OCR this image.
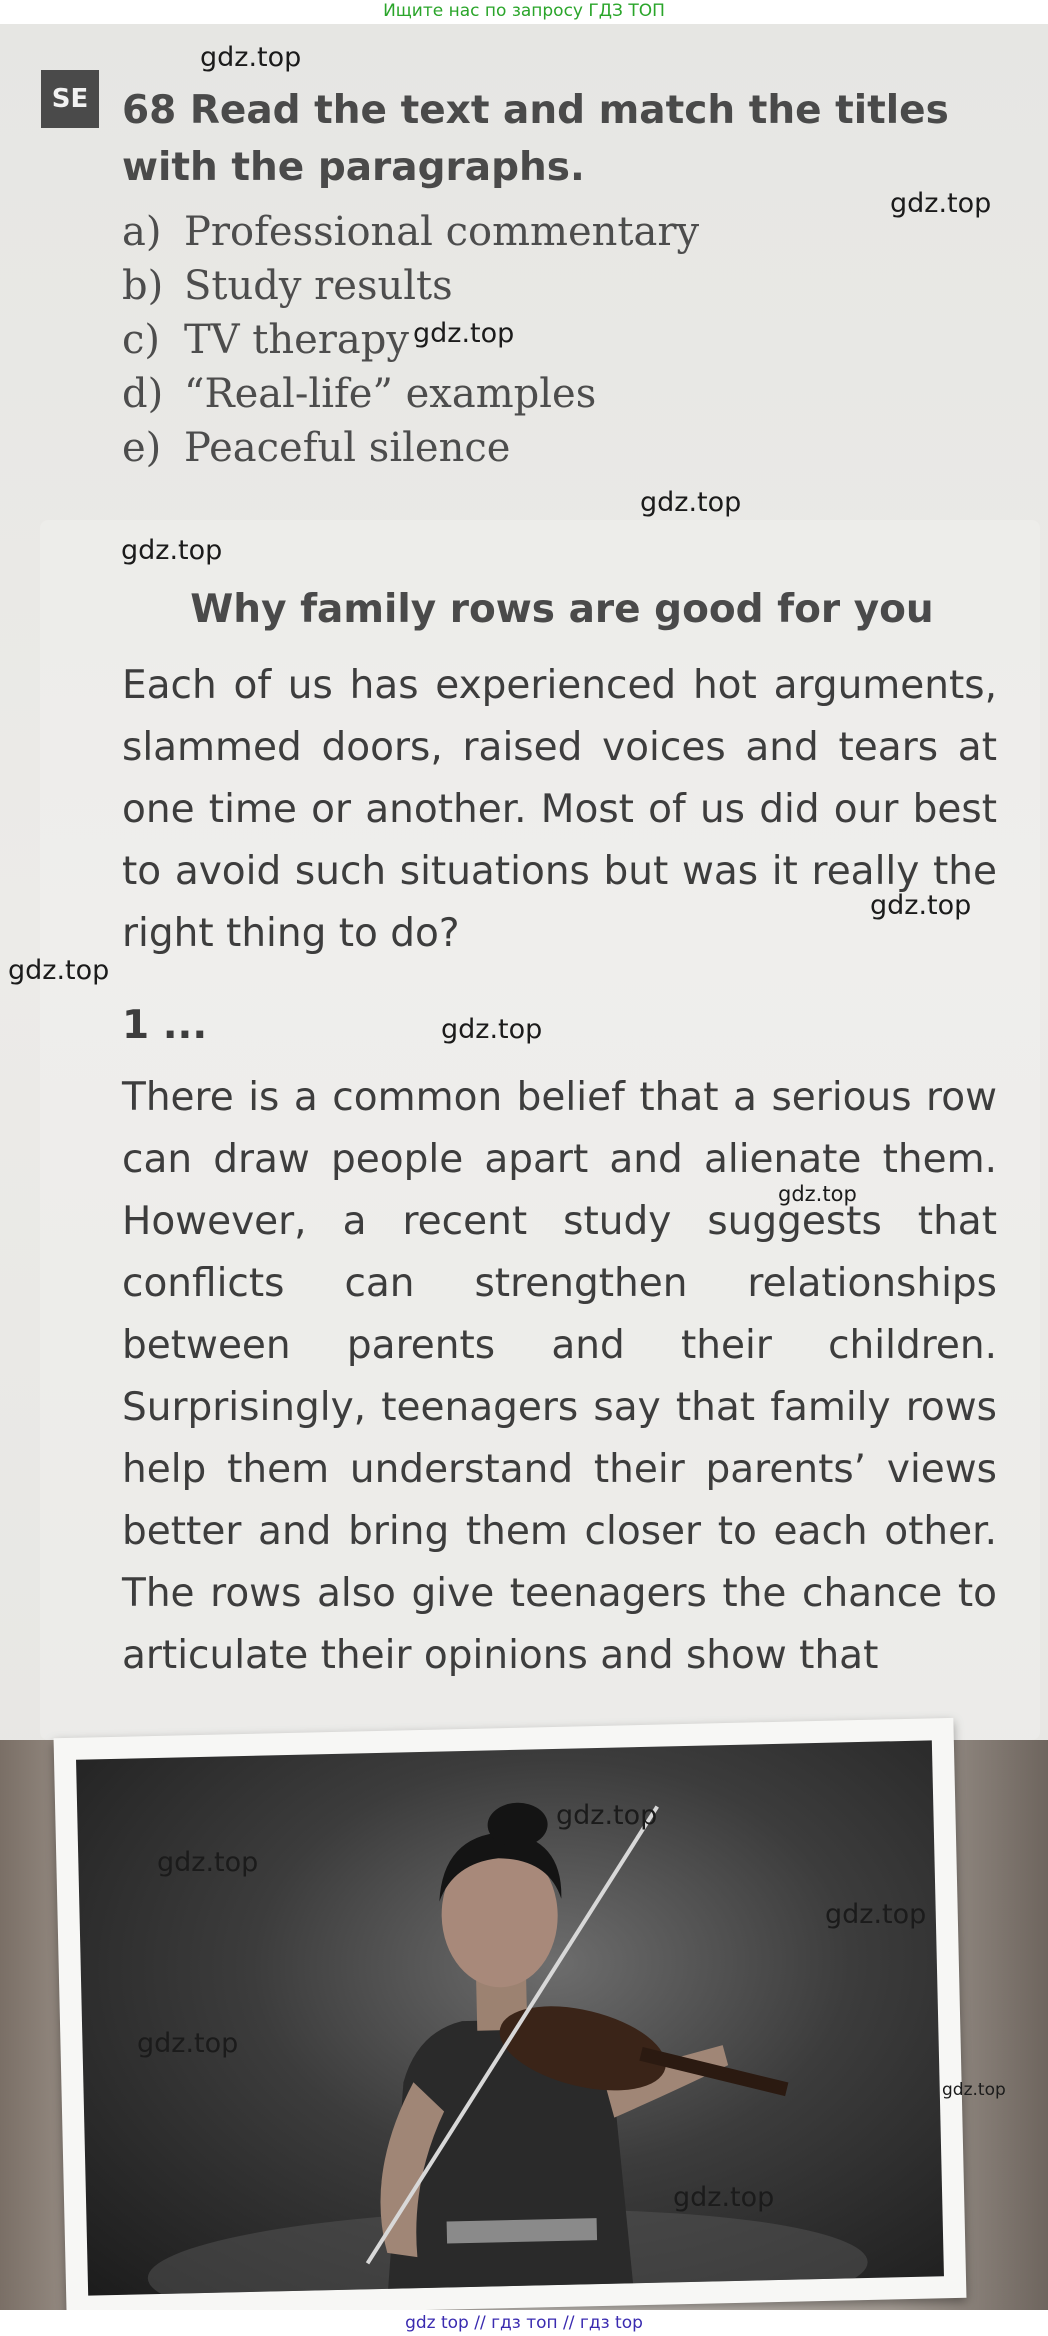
Ищите нас по запросу ГДЗ ТОП
SE 68 Read the text and match the titles with the paragraphs.
a) Professional commentary
b) Study results
c) TV therapy
d) “Real-life” examples
e) Peaceful silence
Why family rows are good for you

Each of us has experienced hot arguments, slammed doors, raised voices and tears at one time or another. Most of us did our best to avoid such situations but was it really the right thing to do?

1 ...

There is a common belief that a serious row can draw people apart and alienate them. However, a recent study suggests that conflicts can strengthen relationships between parents and their children. Surprisingly, teenagers say that family rows help them understand their parents’ views better and bring them closer to each other. The rows also give teenagers the chance to articulate their opinions and show that

gdz.top
gdz.top
gdz.top
gdz.top
gdz.top
gdz.top
gdz.top
gdz.top
gdz.top
gdz.top
gdz.top
gdz.top
gdz.top
gdz.top
gdz.top
gdz top // гдз топ // гдз top
